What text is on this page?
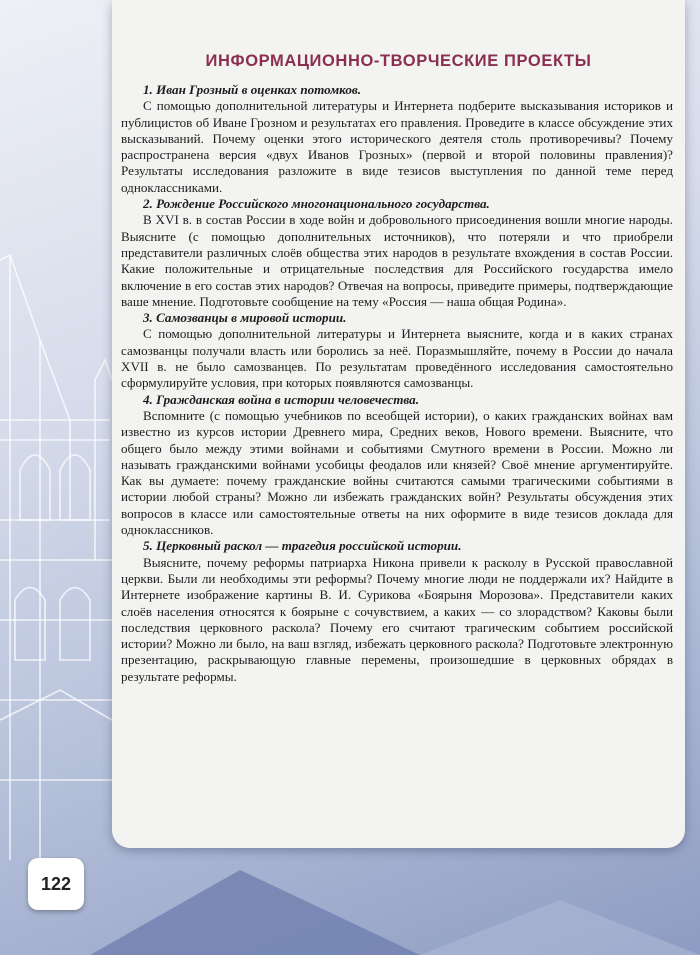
ИНФОРМАЦИОННО-ТВОРЧЕСКИЕ ПРОЕКТЫ
1. Иван Грозный в оценках потомков.

С помощью дополнительной литературы и Интернета подберите высказывания историков и публицистов об Иване Грозном и результатах его правления. Проведите в классе обсуждение этих высказываний. Почему оценки этого исторического деятеля столь противоречивы? Почему распространена версия «двух Иванов Грозных» (первой и второй половины правления)? Результаты исследования разложите в виде тезисов выступления по данной теме перед одноклассниками.

2. Рождение Российского многонационального государства.

В XVI в. в состав России в ходе войн и добровольного присоединения вошли многие народы. Выясните (с помощью дополнительных источников), что потеряли и что приобрели представители различных слоёв общества этих народов в результате вхождения в состав России. Какие положительные и отрицательные последствия для Российского государства имело включение в его состав этих народов? Отвечая на вопросы, приведите примеры, подтверждающие ваше мнение. Подготовьте сообщение на тему «Россия — наша общая Родина».

3. Самозванцы в мировой истории.

С помощью дополнительной литературы и Интернета выясните, когда и в каких странах самозванцы получали власть или боролись за неё. Поразмышляйте, почему в России до начала XVII в. не было самозванцев. По результатам проведённого исследования самостоятельно сформулируйте условия, при которых появляются самозванцы.

4. Гражданская война в истории человечества.

Вспомните (с помощью учебников по всеобщей истории), о каких гражданских войнах вам известно из курсов истории Древнего мира, Средних веков, Нового времени. Выясните, что общего было между этими войнами и событиями Смутного времени в России. Можно ли называть гражданскими войнами усобицы феодалов или князей? Своё мнение аргументируйте. Как вы думаете: почему гражданские войны считаются самыми трагическими событиями в истории любой страны? Можно ли избежать гражданских войн? Результаты обсуждения этих вопросов в классе или самостоятельные ответы на них оформите в виде тезисов доклада для одноклассников.

5. Церковный раскол — трагедия российской истории.

Выясните, почему реформы патриарха Никона привели к расколу в Русской православной церкви. Были ли необходимы эти реформы? Почему многие люди не поддержали их? Найдите в Интернете изображение картины В. И. Сурикова «Боярыня Морозова». Представители каких слоёв населения относятся к боярыне с сочувствием, а каких — со злорадством? Каковы были последствия церковного раскола? Почему его считают трагическим событием российской истории? Можно ли было, на ваш взгляд, избежать церковного раскола? Подготовьте электронную презентацию, раскрывающую главные перемены, произошедшие в церковных обрядах в результате реформы.

122
